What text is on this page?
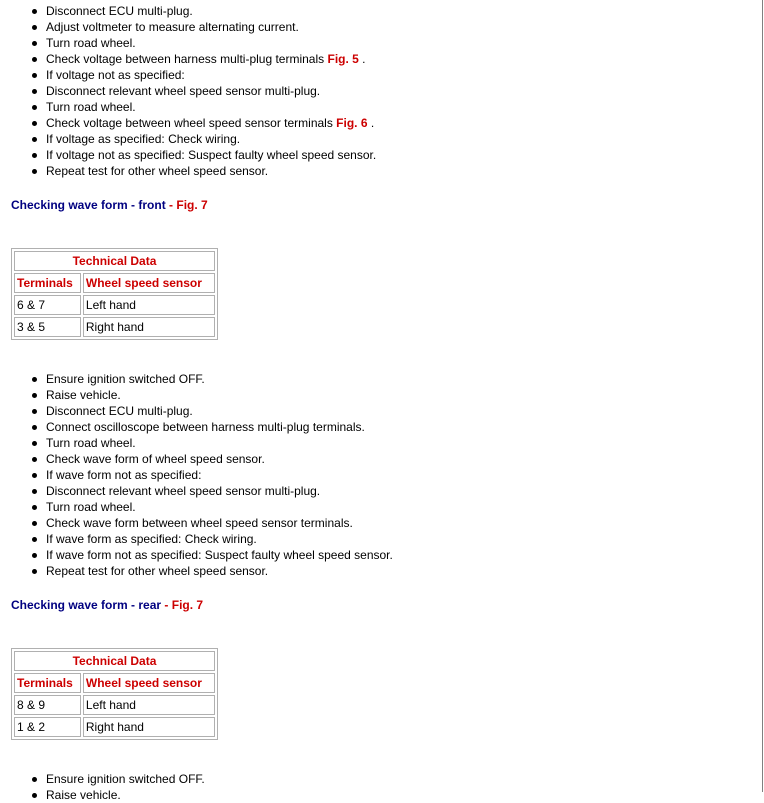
Disconnect ECU multi-plug.
Adjust voltmeter to measure alternating current.
Turn road wheel.
Check voltage between harness multi-plug terminals Fig. 5 .
If voltage not as specified:
Disconnect relevant wheel speed sensor multi-plug.
Turn road wheel.
Check voltage between wheel speed sensor terminals Fig. 6 .
If voltage as specified: Check wiring.
If voltage not as specified: Suspect faulty wheel speed sensor.
Repeat test for other wheel speed sensor.
Checking wave form - front - Fig. 7
Technical Data	
Terminals	Wheel speed sensor
6 & 7	Left hand
3 & 5	Right hand
Ensure ignition switched OFF.
Raise vehicle.
Disconnect ECU multi-plug.
Connect oscilloscope between harness multi-plug terminals.
Turn road wheel.
Check wave form of wheel speed sensor.
If wave form not as specified:
Disconnect relevant wheel speed sensor multi-plug.
Turn road wheel.
Check wave form between wheel speed sensor terminals.
If wave form as specified: Check wiring.
If wave form not as specified: Suspect faulty wheel speed sensor.
Repeat test for other wheel speed sensor.
Checking wave form - rear - Fig. 7
Technical Data	
Terminals	Wheel speed sensor
8 & 9	Left hand
1 & 2	Right hand
Ensure ignition switched OFF.
Raise vehicle.
